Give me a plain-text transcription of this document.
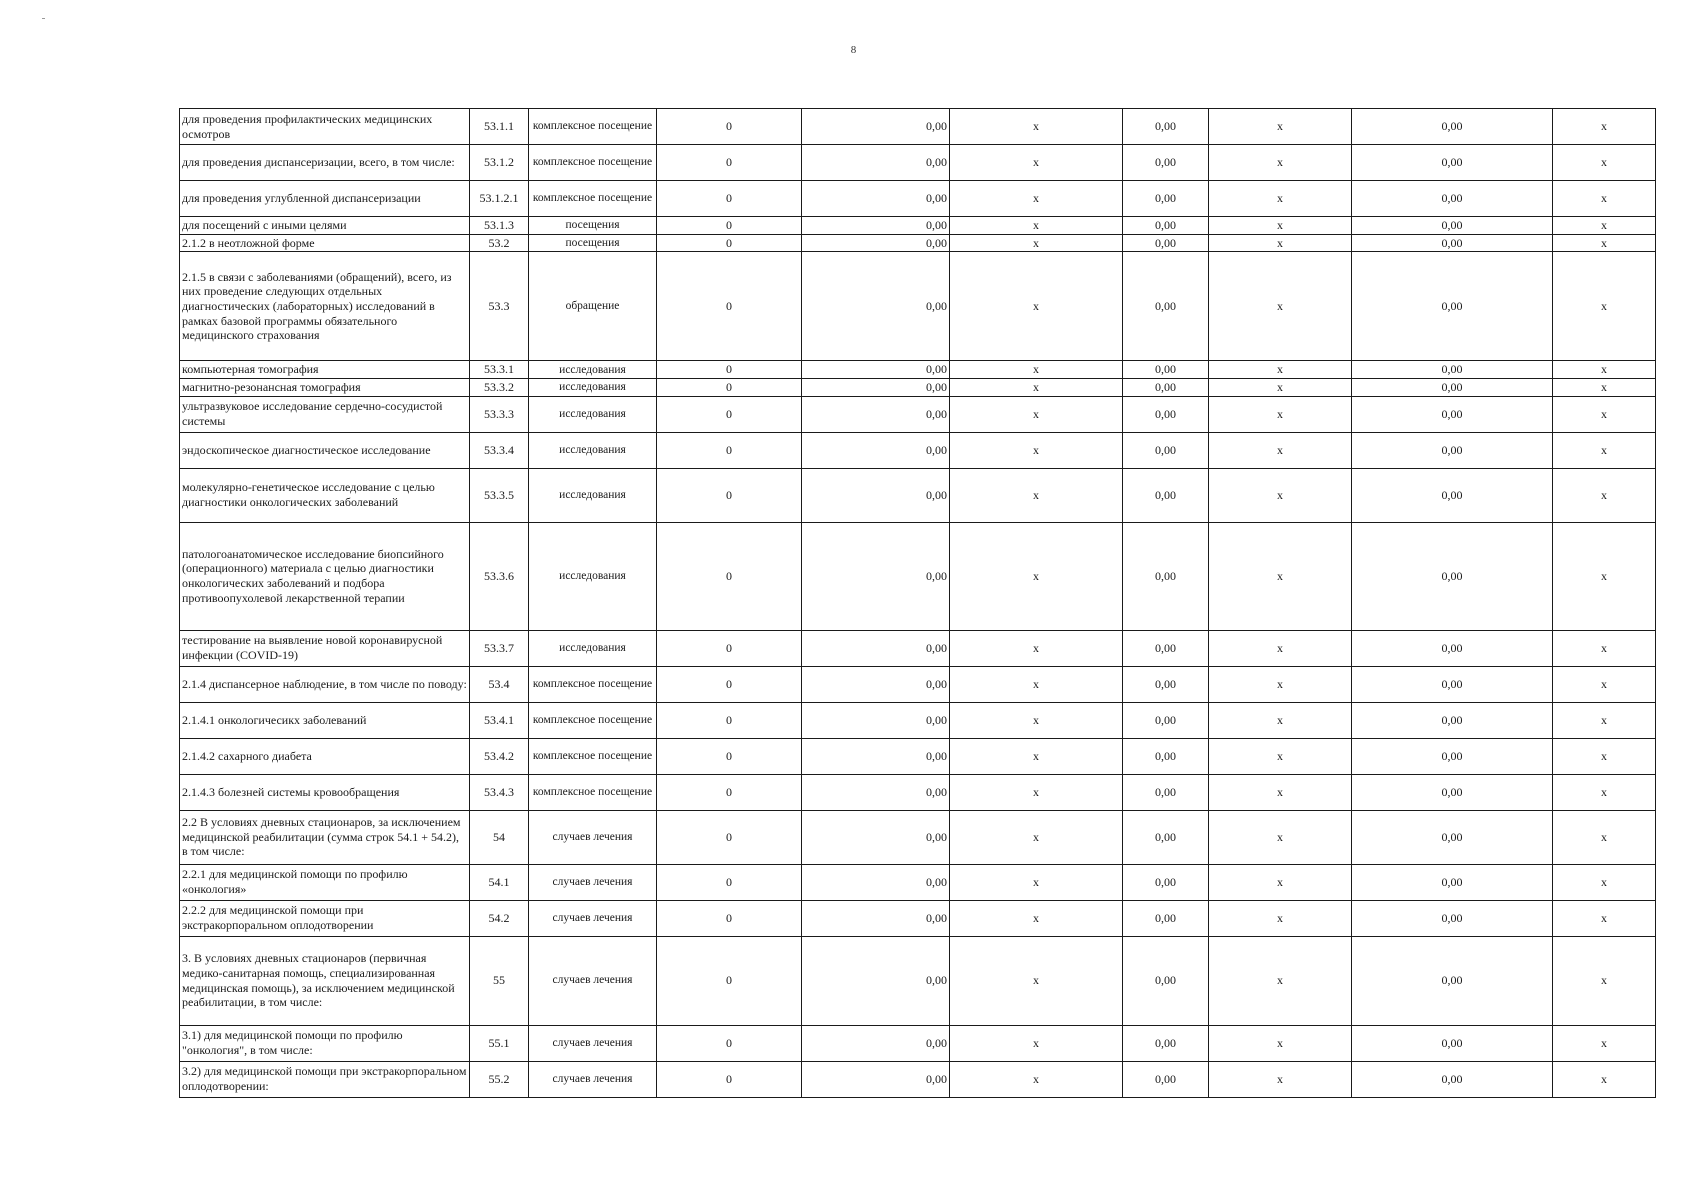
8
для проведения профилактических медицинских осмотров	53.1.1	комплексное посещение	0	0,00	х	0,00	х	0,00	х
для проведения диспансеризации, всего, в том числе:	53.1.2	комплексное посещение	0	0,00	х	0,00	х	0,00	х
для проведения углубленной диспансеризации	53.1.2.1	комплексное посещение	0	0,00	х	0,00	х	0,00	х
для посещений с иными целями	53.1.3	посещения	0	0,00	х	0,00	х	0,00	х
2.1.2 в неотложной форме	53.2	посещения	0	0,00	х	0,00	х	0,00	х
2.1.5 в связи с заболеваниями (обращений), всего, из них проведение следующих отдельных диагностических (лабораторных) исследований в рамках базовой программы обязательного медицинского страхования	53.3	обращение	0	0,00	х	0,00	х	0,00	х
компьютерная томография	53.3.1	исследования	0	0,00	х	0,00	х	0,00	х
магнитно-резонансная томография	53.3.2	исследования	0	0,00	х	0,00	х	0,00	х
ультразвуковое исследование сердечно-сосудистой системы	53.3.3	исследования	0	0,00	х	0,00	х	0,00	х
эндоскопическое диагностическое исследование	53.3.4	исследования	0	0,00	х	0,00	х	0,00	х
молекулярно-генетическое исследование с целью диагностики онкологических заболеваний	53.3.5	исследования	0	0,00	х	0,00	х	0,00	х
патологоанатомическое исследование биопсийного (операционного) материала с целью диагностики онкологических заболеваний и подбора противоопухолевой лекарственной терапии	53.3.6	исследования	0	0,00	х	0,00	х	0,00	х
тестирование на выявление новой коронавирусной инфекции (COVID-19)	53.3.7	исследования	0	0,00	х	0,00	х	0,00	х
2.1.4 диспансерное наблюдение, в том числе по поводу:	53.4	комплексное посещение	0	0,00	х	0,00	х	0,00	х
2.1.4.1 онкологичесикх заболеваний	53.4.1	комплексное посещение	0	0,00	х	0,00	х	0,00	х
2.1.4.2 сахарного диабета	53.4.2	комплексное посещение	0	0,00	х	0,00	х	0,00	х
2.1.4.3 болезней системы кровообращения	53.4.3	комплексное посещение	0	0,00	х	0,00	х	0,00	х
2.2 В условиях дневных стационаров, за исключением медицинской реабилитации (сумма строк 54.1 + 54.2), в том числе:	54	случаев лечения	0	0,00	х	0,00	х	0,00	х
2.2.1 для медицинской помощи по профилю «онкология»	54.1	случаев лечения	0	0,00	х	0,00	х	0,00	х
2.2.2 для медицинской помощи при экстракорпоральном оплодотворении	54.2	случаев лечения	0	0,00	х	0,00	х	0,00	х
3. В условиях дневных стационаров (первичная медико-санитарная помощь, специализированная медицинская помощь), за исключением медицинской реабилитации, в том числе:	55	случаев лечения	0	0,00	х	0,00	х	0,00	х
3.1) для медицинской помощи по профилю "онкология", в том числе:	55.1	случаев лечения	0	0,00	х	0,00	х	0,00	х
3.2) для медицинской помощи при экстракорпоральном оплодотворении:	55.2	случаев лечения	0	0,00	х	0,00	х	0,00	х
